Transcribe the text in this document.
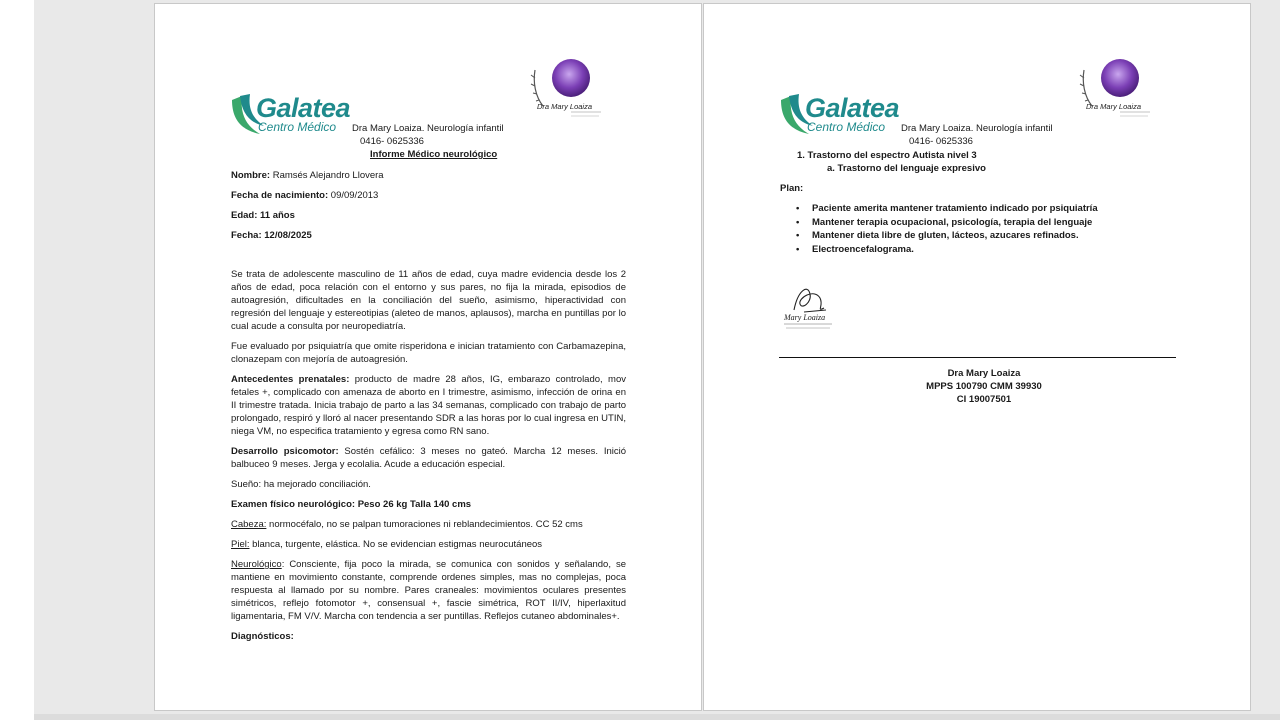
Galatea
Centro Médico Dra Mary Loaiza. Neurología infantil
0416- 0625336
Dra Mary Loaiza
Informe Médico neurológico
Nombre: Ramsés Alejandro Llovera
Fecha de nacimiento: 09/09/2013
Edad: 11 años
Fecha: 12/08/2025

Se trata de adolescente masculino de 11 años de edad, cuya madre evidencia desde los 2 años de edad, poca relación con el entorno y sus pares, no fija la mirada, episodios de autoagresión, dificultades en la conciliación del sueño, asimismo, hiperactividad con regresión del lenguaje y estereotipias (aleteo de manos, aplausos), marcha en puntillas por lo cual acude a consulta por neuropediatría.

Fue evaluado por psiquiatría que omite risperidona e inician tratamiento con Carbamazepina, clonazepam con mejoría de autoagresión.

Antecedentes prenatales: producto de madre 28 años, IG, embarazo controlado, mov fetales +, complicado con amenaza de aborto en I trimestre, asimismo, infección de orina en II trimestre tratada. Inicia trabajo de parto a las 34 semanas, complicado con trabajo de parto prolongado, respiró y lloró al nacer presentando SDR a las horas por lo cual ingresa en UTIN, niega VM, no especifica tratamiento y egresa como RN sano.

Desarrollo psicomotor: Sostén cefálico: 3 meses no gateó. Marcha 12 meses. Inició balbuceo 9 meses. Jerga y ecolalia. Acude a educación especial.

Sueño: ha mejorado conciliación.

Examen físico neurológico: Peso 26 kg Talla 140 cms

Cabeza: normocéfalo, no se palpan tumoraciones ni reblandecimientos. CC 52 cms

Piel: blanca, turgente, elástica. No se evidencian estigmas neurocutáneos

Neurológico: Consciente, fija poco la mirada, se comunica con sonidos y señalando, se mantiene en movimiento constante, comprende ordenes simples, mas no complejas, poca respuesta al llamado por su nombre. Pares craneales: movimientos oculares presentes simétricos, reflejo fotomotor +, consensual +, fascie simétrica, ROT II/IV, hiperlaxitud ligamentaria, FM V/V. Marcha con tendencia a ser puntillas. Reflejos cutaneo abdominales+.

Diagnósticos:

Galatea
Centro Médico Dra Mary Loaiza. Neurología infantil
0416- 0625336
Dra Mary Loaiza
1. Trastorno del espectro Autista nivel 3
a. Trastorno del lenguaje expresivo
Plan:
• Paciente amerita mantener tratamiento indicado por psiquiatría
• Mantener terapia ocupacional, psicología, terapia del lenguaje
• Mantener dieta libre de gluten, lácteos, azucares refinados.
• Electroencefalograma.
Mary Loaiza
Dra Mary Loaiza
MPPS 100790 CMM 39930
CI 19007501
